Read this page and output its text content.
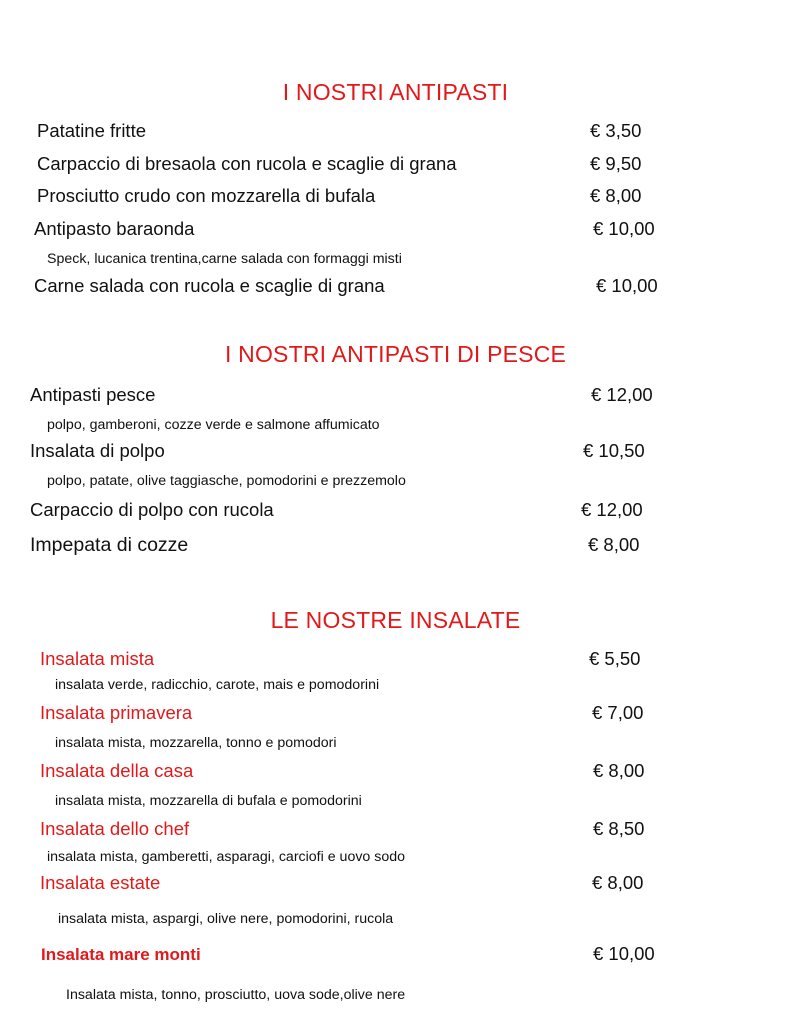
I NOSTRI ANTIPASTI
Patatine fritte	€ 3,50
Carpaccio di bresaola con rucola e scaglie di grana	€ 9,50
Prosciutto crudo con mozzarella di bufala	€ 8,00
Antipasto baraonda	€ 10,00
Speck, lucanica trentina,carne salada con formaggi misti
Carne salada con rucola e scaglie di grana	€ 10,00
I NOSTRI ANTIPASTI DI PESCE
Antipasti pesce	€ 12,00
polpo, gamberoni, cozze verde e salmone affumicato
Insalata di polpo	€ 10,50
polpo, patate, olive taggiasche, pomodorini e prezzemolo
Carpaccio di polpo con rucola	€ 12,00
Impepata di cozze	€ 8,00
LE NOSTRE INSALATE
Insalata mista	€ 5,50
insalata verde, radicchio, carote, mais e pomodorini
Insalata primavera	€ 7,00
insalata mista, mozzarella, tonno e pomodori
Insalata della casa	€ 8,00
insalata mista, mozzarella di bufala e pomodorini
Insalata dello chef	€ 8,50
insalata mista, gamberetti, asparagi, carciofi e uovo sodo
Insalata estate	€ 8,00
insalata mista, aspargi, olive nere, pomodorini, rucola
Insalata mare monti	€ 10,00
Insalata mista, tonno, prosciutto, uova sode,olive nere
